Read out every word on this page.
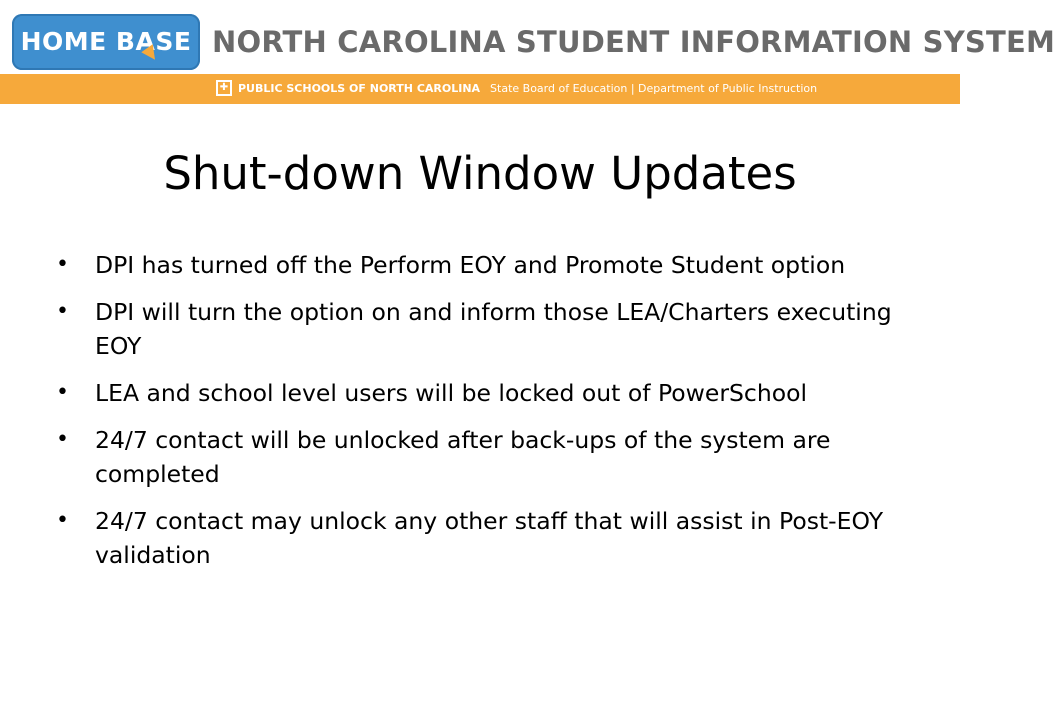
HOME BASE NORTH CAROLINA STUDENT INFORMATION SYSTEM
✚ PUBLIC SCHOOLS OF NORTH CAROLINA State Board of Education | Department of Public Instruction
Shut-down Window Updates
• DPI has turned off the Perform EOY and Promote Student option
• DPI will turn the option on and inform those LEA/Charters executing EOY
• LEA and school level users will be locked out of PowerSchool
• 24/7 contact will be unlocked after back-ups of the system are completed
• 24/7 contact may unlock any other staff that will assist in Post-EOY validation
